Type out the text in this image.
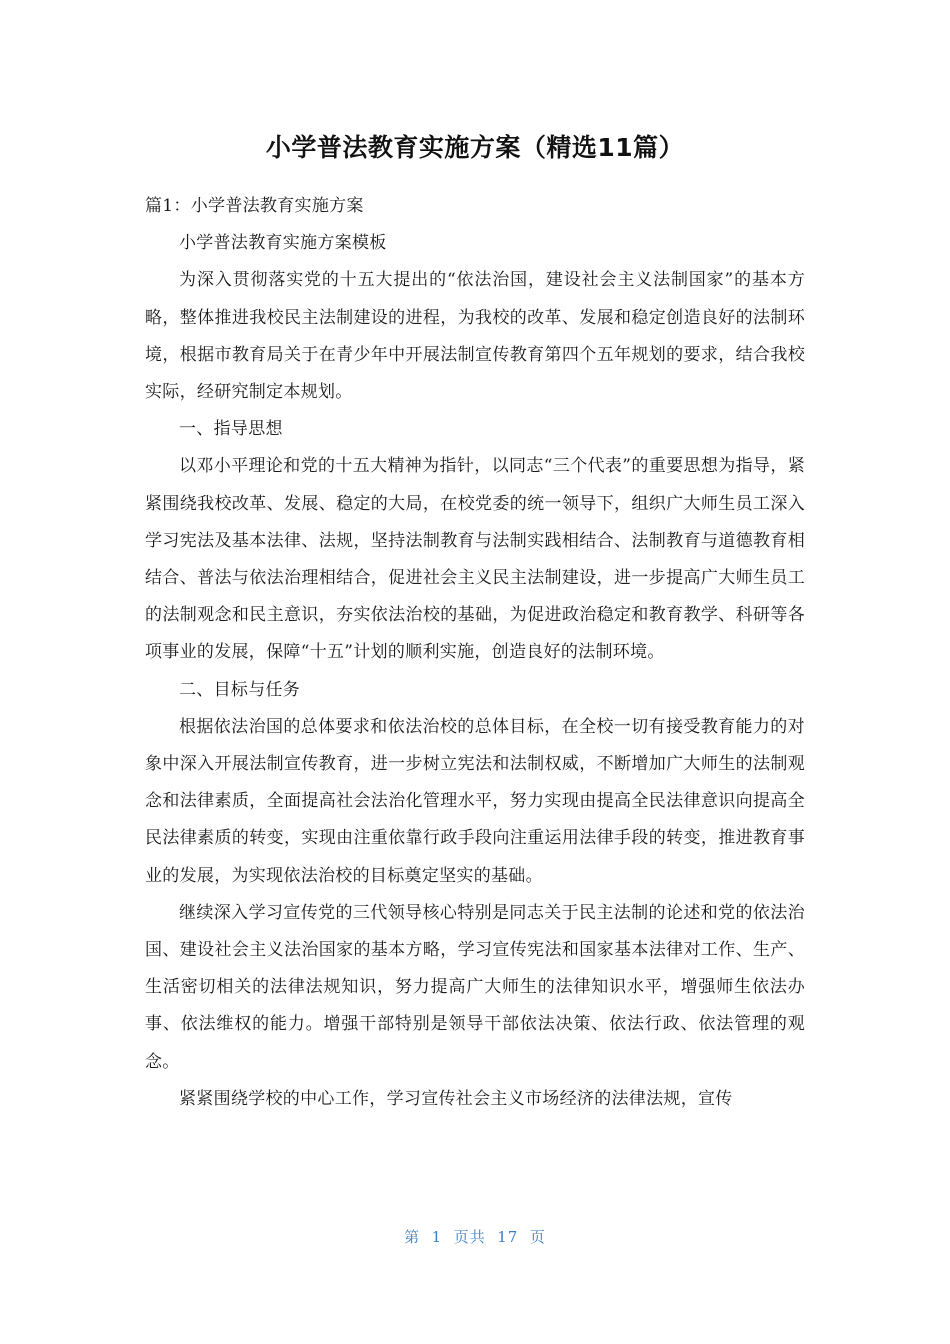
小学普法教育实施方案（精选11篇）

篇1：小学普法教育实施方案

小学普法教育实施方案模板

为深入贯彻落实党的十五大提出的“依法治国，建设社会主义法制国家”的基本方略，整体推进我校民主法制建设的进程，为我校的改革、发展和稳定创造良好的法制环境，根据市教育局关于在青少年中开展法制宣传教育第四个五年规划的要求，结合我校实际，经研究制定本规划。

一、指导思想

以邓小平理论和党的十五大精神为指针，以同志“三个代表”的重要思想为指导，紧紧围绕我校改革、发展、稳定的大局，在校党委的统一领导下，组织广大师生员工深入学习宪法及基本法律、法规，坚持法制教育与法制实践相结合、法制教育与道德教育相结合、普法与依法治理相结合，促进社会主义民主法制建设，进一步提高广大师生员工的法制观念和民主意识，夯实依法治校的基础，为促进政治稳定和教育教学、科研等各项事业的发展，保障“十五”计划的顺利实施，创造良好的法制环境。

二、目标与任务

根据依法治国的总体要求和依法治校的总体目标，在全校一切有接受教育能力的对象中深入开展法制宣传教育，进一步树立宪法和法制权威，不断增加广大师生的法制观念和法律素质，全面提高社会法治化管理水平，努力实现由提高全民法律意识向提高全民法律素质的转变，实现由注重依靠行政手段向注重运用法律手段的转变，推进教育事业的发展，为实现依法治校的目标奠定坚实的基础。

继续深入学习宣传党的三代领导核心特别是同志关于民主法制的论述和党的依法治国、建设社会主义法治国家的基本方略，学习宣传宪法和国家基本法律对工作、生产、生活密切相关的法律法规知识，努力提高广大师生的法律知识水平，增强师生依法办事、依法维权的能力。增强干部特别是领导干部依法决策、依法行政、依法管理的观念。

紧紧围绕学校的中心工作，学习宣传社会主义市场经济的法律法规，宣传

第  1  页共  17  页
